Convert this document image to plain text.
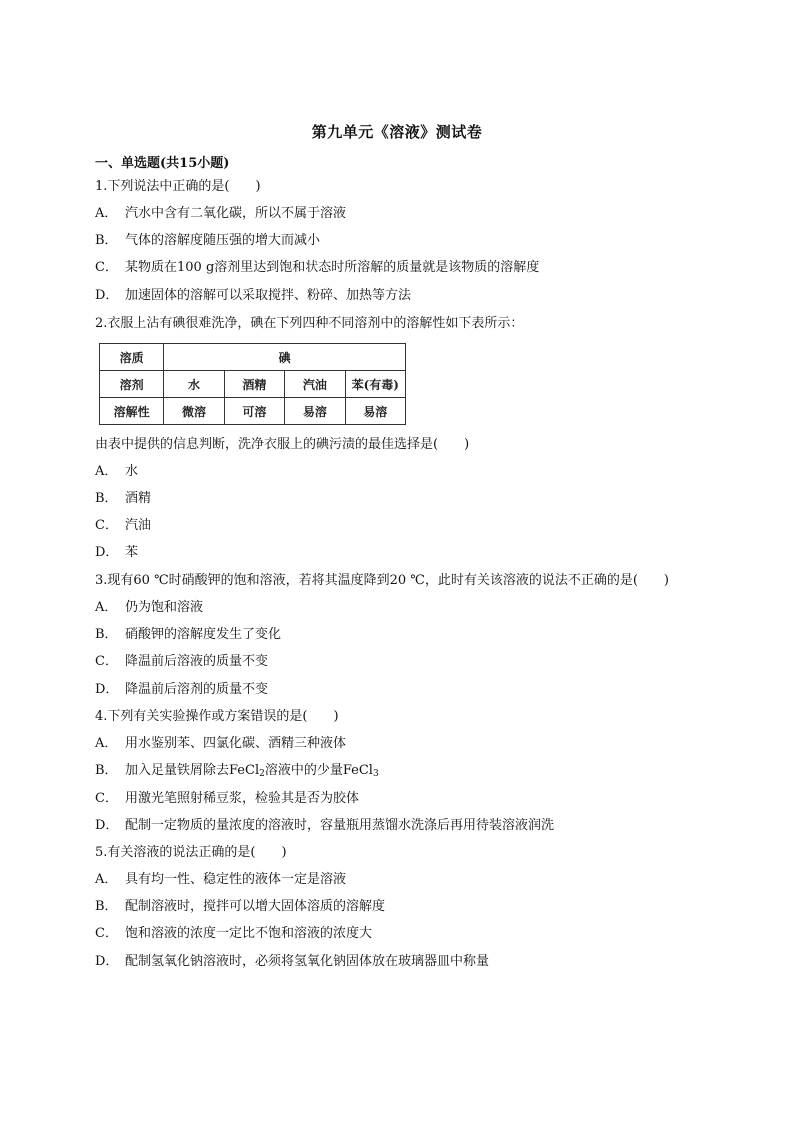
第九单元《溶液》测试卷
一、单选题(共15小题)
1.下列说法中正确的是(　　)
A． 汽水中含有二氧化碳，所以不属于溶液
B． 气体的溶解度随压强的增大而减小
C． 某物质在100 g溶剂里达到饱和状态时所溶解的质量就是该物质的溶解度
D． 加速固体的溶解可以采取搅拌、粉碎、加热等方法
2.衣服上沾有碘很难洗净，碘在下列四种不同溶剂中的溶解性如下表所示：
溶质	碘			
溶剂	水	酒精	汽油	苯(有毒)
溶解性	微溶	可溶	易溶	易溶
由表中提供的信息判断，洗净衣服上的碘污渍的最佳选择是(　　)
A． 水
B． 酒精
C． 汽油
D． 苯
3.现有60 ℃时硝酸钾的饱和溶液，若将其温度降到20 ℃，此时有关该溶液的说法不正确的是(　　)
A． 仍为饱和溶液
B． 硝酸钾的溶解度发生了变化
C． 降温前后溶液的质量不变
D． 降温前后溶剂的质量不变
4.下列有关实验操作或方案错误的是(　　)
A． 用水鉴别苯、四氯化碳、酒精三种液体
B． 加入足量铁屑除去FeCl$_2$溶液中的少量FeCl$_3$
C． 用激光笔照射稀豆浆，检验其是否为胶体
D． 配制一定物质的量浓度的溶液时，容量瓶用蒸馏水洗涤后再用待装溶液润洗
5.有关溶液的说法正确的是(　　)
A． 具有均一性、稳定性的液体一定是溶液
B． 配制溶液时，搅拌可以增大固体溶质的溶解度
C． 饱和溶液的浓度一定比不饱和溶液的浓度大
D． 配制氢氧化钠溶液时，必须将氢氧化钠固体放在玻璃器皿中称量
